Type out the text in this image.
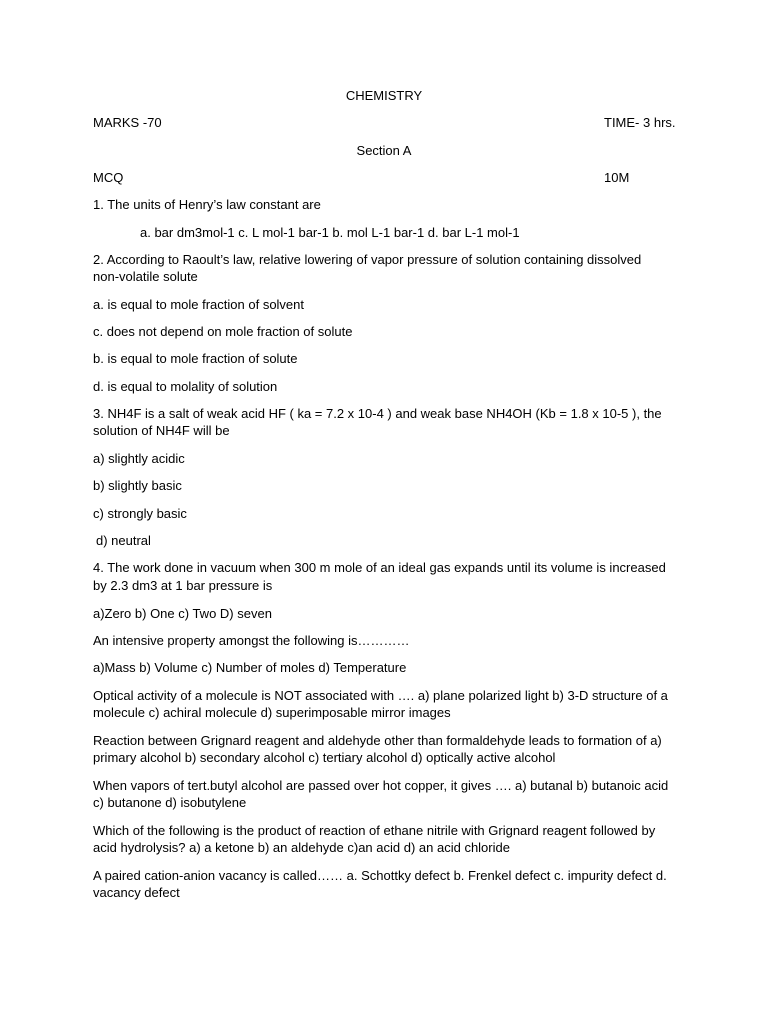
CHEMISTRY
MARKS -70	TIME- 3 hrs.
Section A
MCQ	10M
1. The units of Henry’s law constant are
a. bar dm3mol-1 c. L mol-1 bar-1 b. mol L-1 bar-1 d. bar L-1 mol-1
2. According to Raoult’s law, relative lowering of vapor pressure of solution containing dissolved
non-volatile solute
a. is equal to mole fraction of solvent
c. does not depend on mole fraction of solute
b. is equal to mole fraction of solute
d. is equal to molality of solution
3. NH4F is a salt of weak acid HF ( ka = 7.2 x 10-4 ) and weak base NH4OH (Kb = 1.8 x 10-5 ), the
solution of NH4F will be
a) slightly acidic
b) slightly basic
c) strongly basic
d) neutral
4. The work done in vacuum when 300 m mole of an ideal gas expands until its volume is increased
by 2.3 dm3 at 1 bar pressure is
a)Zero b) One c) Two D) seven
An intensive property amongst the following is…………
a)Mass b) Volume c) Number of moles d) Temperature
Optical activity of a molecule is NOT associated with …. a) plane polarized light b) 3-D structure of a
molecule c) achiral molecule d) superimposable mirror images
Reaction between Grignard reagent and aldehyde other than formaldehyde leads to formation of a)
primary alcohol b) secondary alcohol c) tertiary alcohol d) optically active alcohol
When vapors of tert.butyl alcohol are passed over hot copper, it gives …. a) butanal b) butanoic acid
c) butanone d) isobutylene
Which of the following is the product of reaction of ethane nitrile with Grignard reagent followed by
acid hydrolysis? a) a ketone b) an aldehyde c)an acid d) an acid chloride
A paired cation-anion vacancy is called…… a. Schottky defect b. Frenkel defect c. impurity defect d.
vacancy defect
